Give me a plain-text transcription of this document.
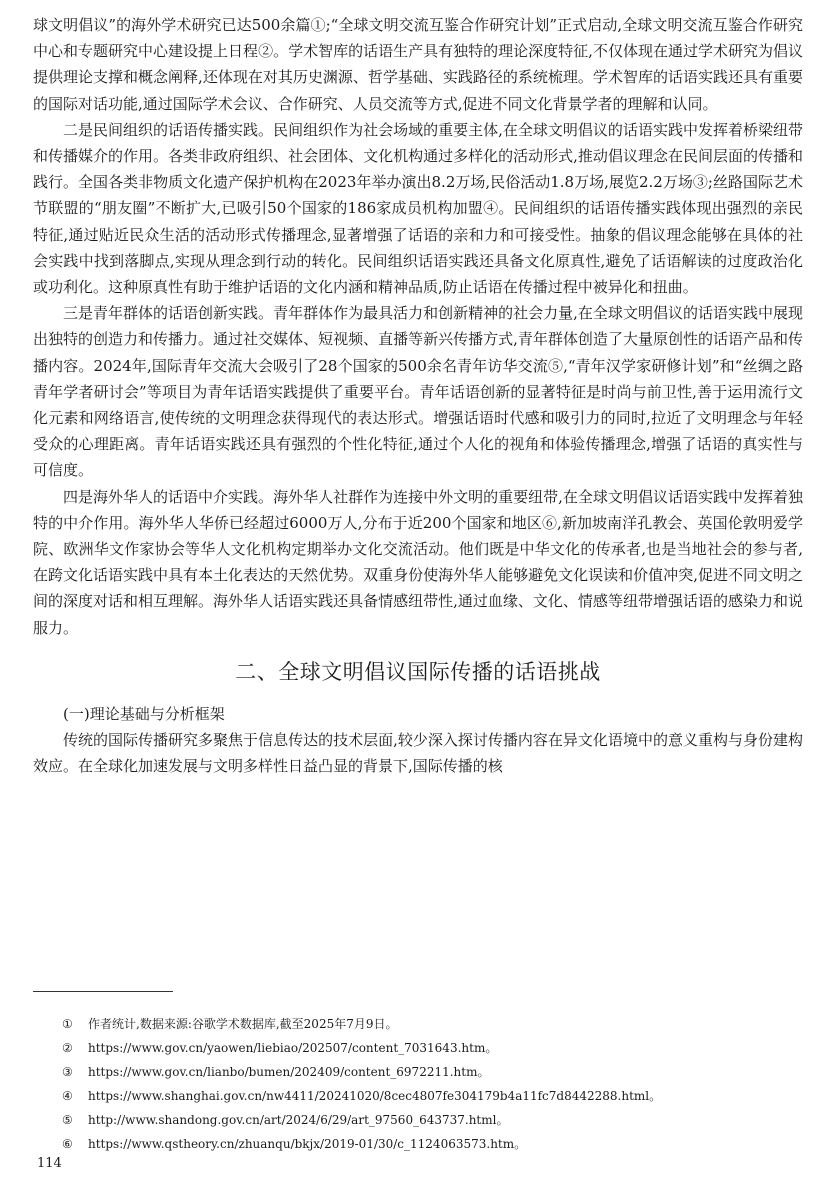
球文明倡议”的海外学术研究已达500余篇①;“全球文明交流互鉴合作研究计划”正式启动,全球文明交流互鉴合作研究中心和专题研究中心建设提上日程②。学术智库的话语生产具有独特的理论深度特征,不仅体现在通过学术研究为倡议提供理论支撑和概念阐释,还体现在对其历史渊源、哲学基础、实践路径的系统梳理。学术智库的话语实践还具有重要的国际对话功能,通过国际学术会议、合作研究、人员交流等方式,促进不同文化背景学者的理解和认同。

二是民间组织的话语传播实践。民间组织作为社会场域的重要主体,在全球文明倡议的话语实践中发挥着桥梁纽带和传播媒介的作用。各类非政府组织、社会团体、文化机构通过多样化的活动形式,推动倡议理念在民间层面的传播和践行。全国各类非物质文化遗产保护机构在2023年举办演出8.2万场,民俗活动1.8万场,展览2.2万场③;丝路国际艺术节联盟的“朋友圈”不断扩大,已吸引50个国家的186家成员机构加盟④。民间组织的话语传播实践体现出强烈的亲民特征,通过贴近民众生活的活动形式传播理念,显著增强了话语的亲和力和可接受性。抽象的倡议理念能够在具体的社会实践中找到落脚点,实现从理念到行动的转化。民间组织话语实践还具备文化原真性,避免了话语解读的过度政治化或功利化。这种原真性有助于维护话语的文化内涵和精神品质,防止话语在传播过程中被异化和扭曲。

三是青年群体的话语创新实践。青年群体作为最具活力和创新精神的社会力量,在全球文明倡议的话语实践中展现出独特的创造力和传播力。通过社交媒体、短视频、直播等新兴传播方式,青年群体创造了大量原创性的话语产品和传播内容。2024年,国际青年交流大会吸引了28个国家的500余名青年访华交流⑤,“青年汉学家研修计划”和“丝绸之路青年学者研讨会”等项目为青年话语实践提供了重要平台。青年话语创新的显著特征是时尚与前卫性,善于运用流行文化元素和网络语言,使传统的文明理念获得现代的表达形式。增强话语时代感和吸引力的同时,拉近了文明理念与年轻受众的心理距离。青年话语实践还具有强烈的个性化特征,通过个人化的视角和体验传播理念,增强了话语的真实性与可信度。

四是海外华人的话语中介实践。海外华人社群作为连接中外文明的重要纽带,在全球文明倡议话语实践中发挥着独特的中介作用。海外华人华侨已经超过6000万人,分布于近200个国家和地区⑥,新加坡南洋孔教会、英国伦敦明爱学院、欧洲华文作家协会等华人文化机构定期举办文化交流活动。他们既是中华文化的传承者,也是当地社会的参与者,在跨文化话语实践中具有本土化表达的天然优势。双重身份使海外华人能够避免文化误读和价值冲突,促进不同文明之间的深度对话和相互理解。海外华人话语实践还具备情感纽带性,通过血缘、文化、情感等纽带增强话语的感染力和说服力。

二、全球文明倡议国际传播的话语挑战

(一)理论基础与分析框架

传统的国际传播研究多聚焦于信息传达的技术层面,较少深入探讨传播内容在异文化语境中的意义重构与身份建构效应。在全球化加速发展与文明多样性日益凸显的背景下,国际传播的核

①	作者统计,数据来源:谷歌学术数据库,截至2025年7月9日。
②	https://www.gov.cn/yaowen/liebiao/202507/content_7031643.htm。
③	https://www.gov.cn/lianbo/bumen/202409/content_6972211.htm。
④	https://www.shanghai.gov.cn/nw4411/20241020/8cec4807fe304179b4a11fc7d8442288.html。
⑤	http://www.shandong.gov.cn/art/2024/6/29/art_97560_643737.html。
⑥	https://www.qstheory.cn/zhuanqu/bkjx/2019-01/30/c_1124063573.htm。
114
